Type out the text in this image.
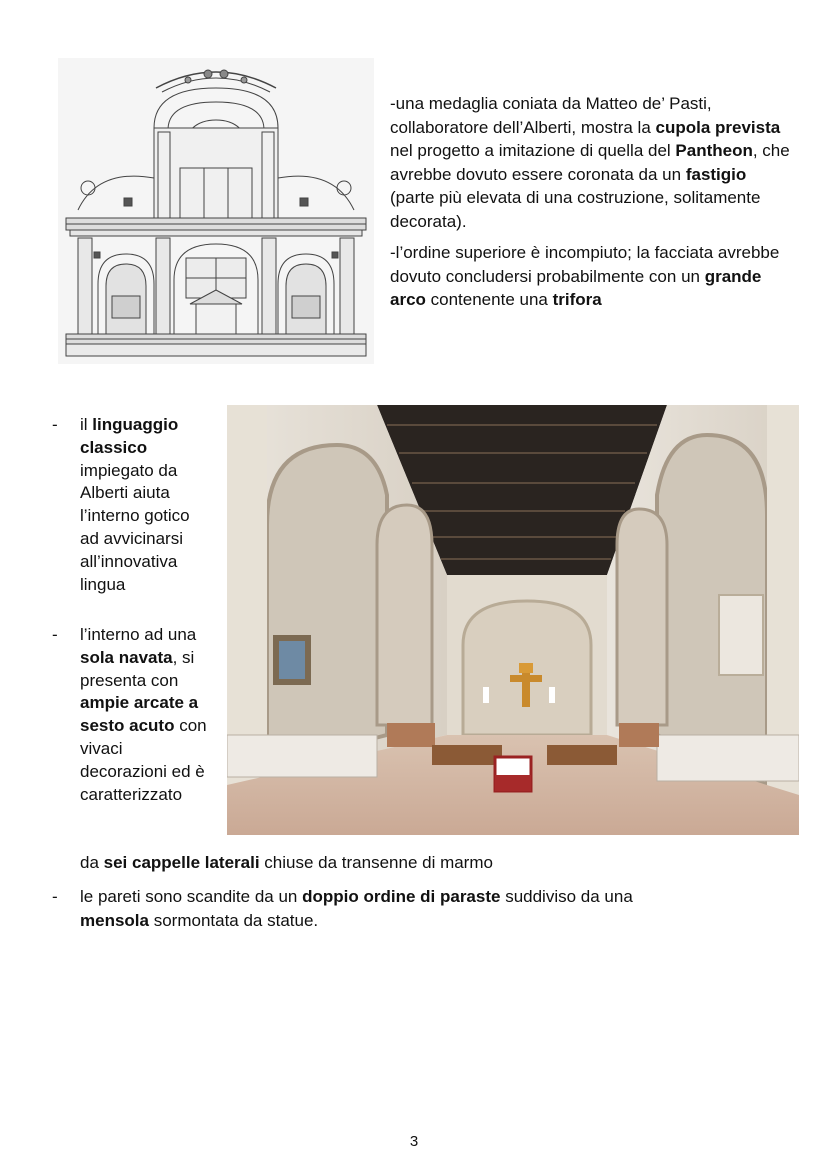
-una medaglia coniata da Matteo de’ Pasti, collaboratore dell’Alberti, mostra la cupola prevista nel progetto a imitazione di quella del Pantheon, che avrebbe dovuto essere coronata da un fastigio (parte più elevata di una costruzione, solitamente decorata).

-l’ordine superiore è incompiuto; la facciata avrebbe dovuto concludersi probabilmente con un grande arco contenente una trifora

-	il linguaggio classico impiegato da Alberti aiuta l’interno gotico ad avvicinarsi all’innovativa lingua
-	l’interno ad una sola navata, si presenta con ampie arcate a sesto acuto con vivaci decorazioni ed è caratterizzato
da sei cappelle laterali chiuse da transenne di marmo
- le pareti sono scandite da un doppio ordine di paraste suddiviso da una
mensola sormontata da statue.
3
